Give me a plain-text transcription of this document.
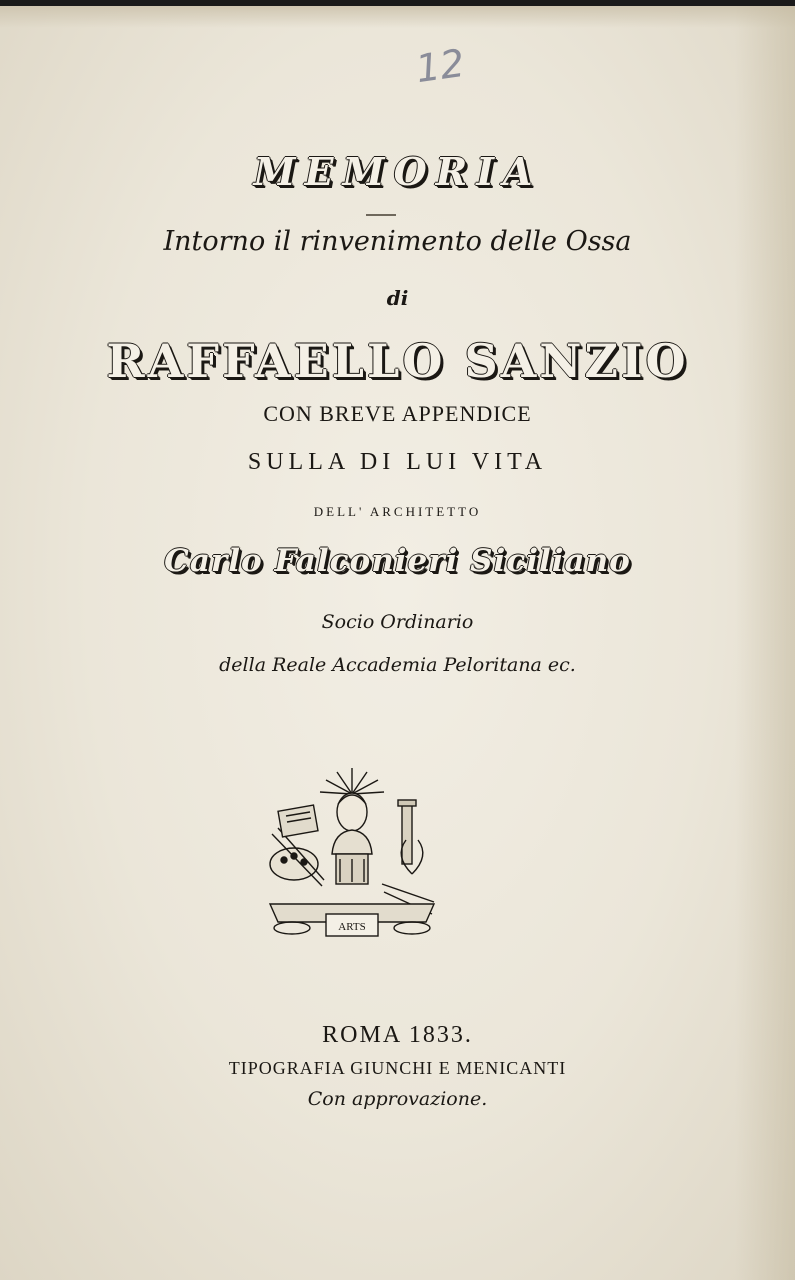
12
MEMORIA
Intorno il rinvenimento delle Ossa
di
RAFFAELLO SANZIO
CON BREVE APPENDICE
SULLA DI LUI VITA
DELL' ARCHITETTO
Carlo Falconieri Siciliano
Socio Ordinario
della Reale Accademia Peloritana ec.
ARTS
ROMA 1833.
TIPOGRAFIA GIUNCHI E MENICANTI
Con approvazione.
